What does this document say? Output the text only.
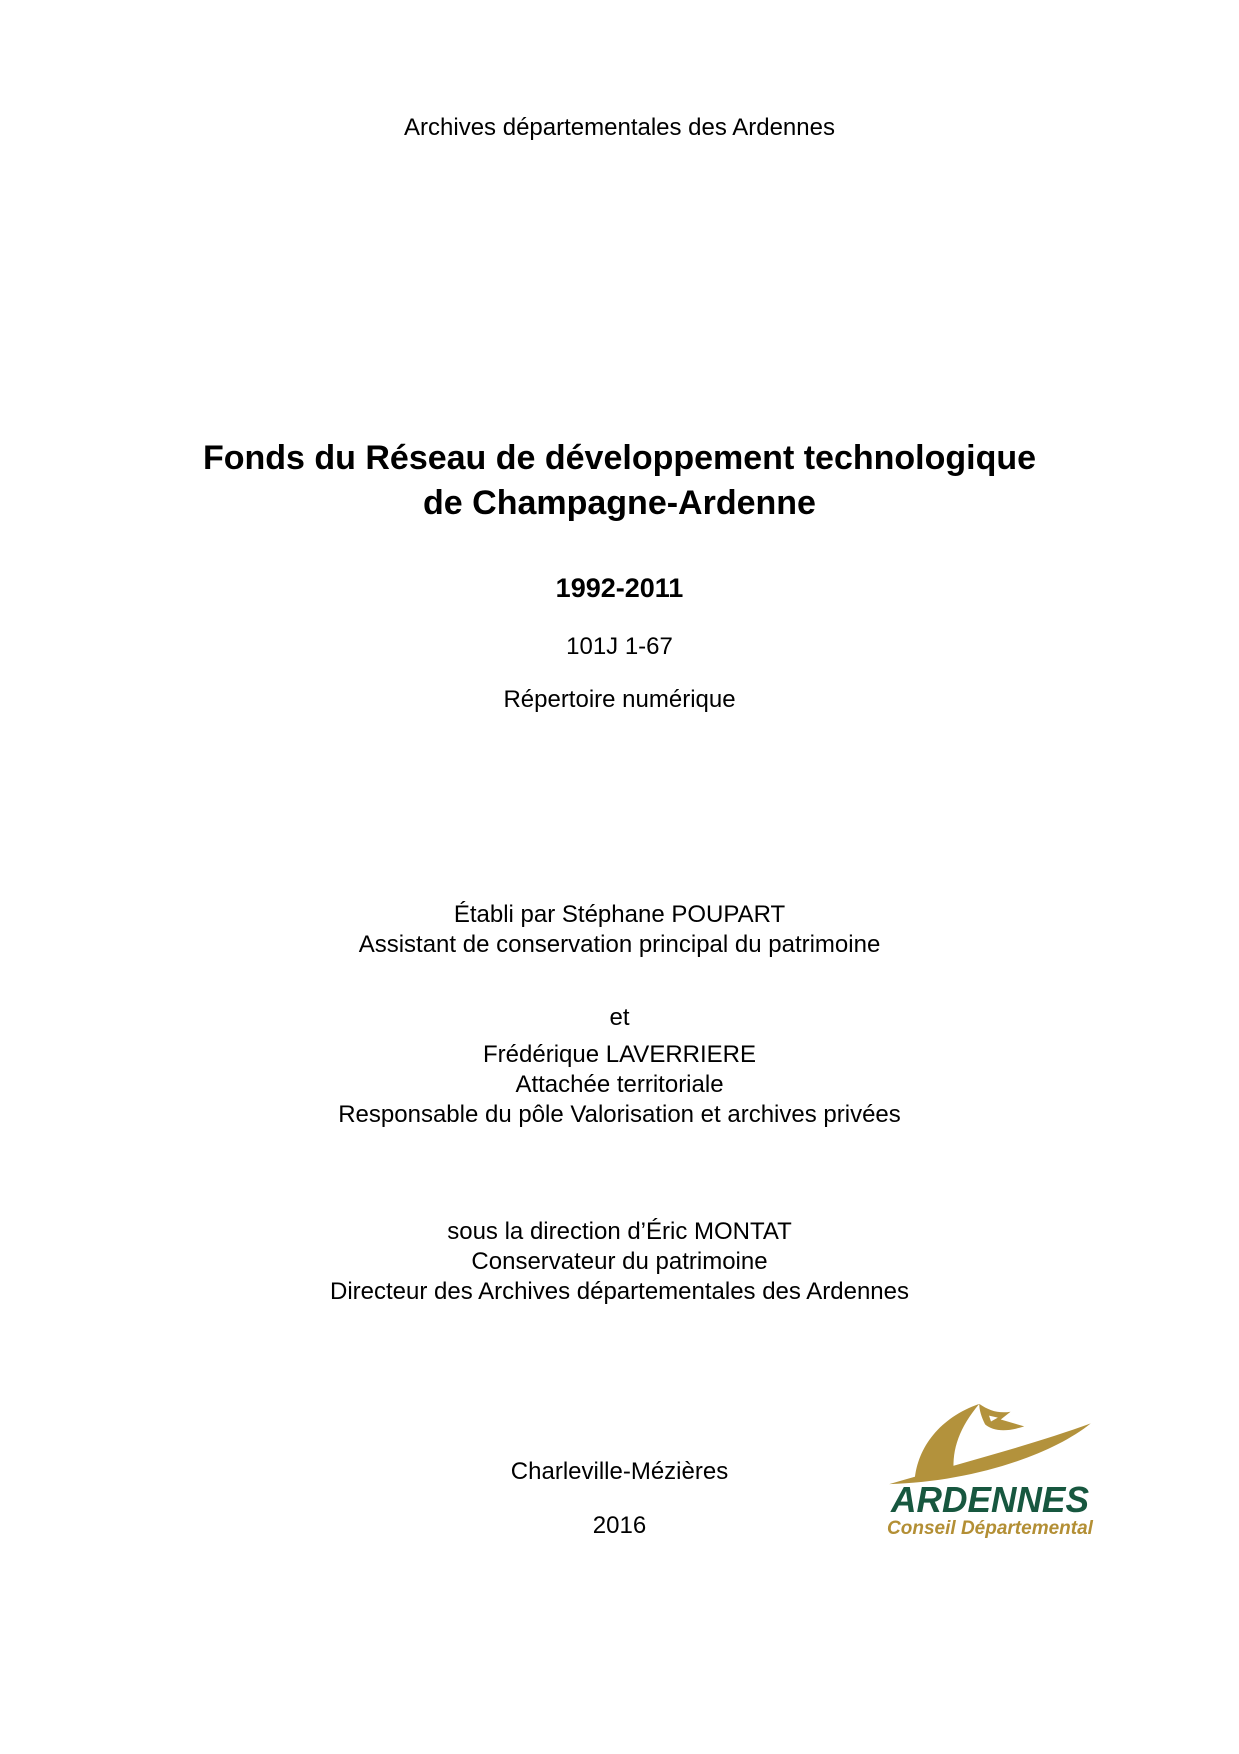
Archives départementales des Ardennes
Fonds du Réseau de développement technologique
de Champagne-Ardenne
1992-2011
101J 1-67
Répertoire numérique
Établi par Stéphane POUPART
Assistant de conservation principal du patrimoine
et
Frédérique LAVERRIERE
Attachée territoriale
Responsable du pôle Valorisation et archives privées
sous la direction d’Éric MONTAT
Conservateur du patrimoine
Directeur des Archives départementales des Ardennes
Charleville-Mézières
2016
ARDENNES
Conseil Départemental
